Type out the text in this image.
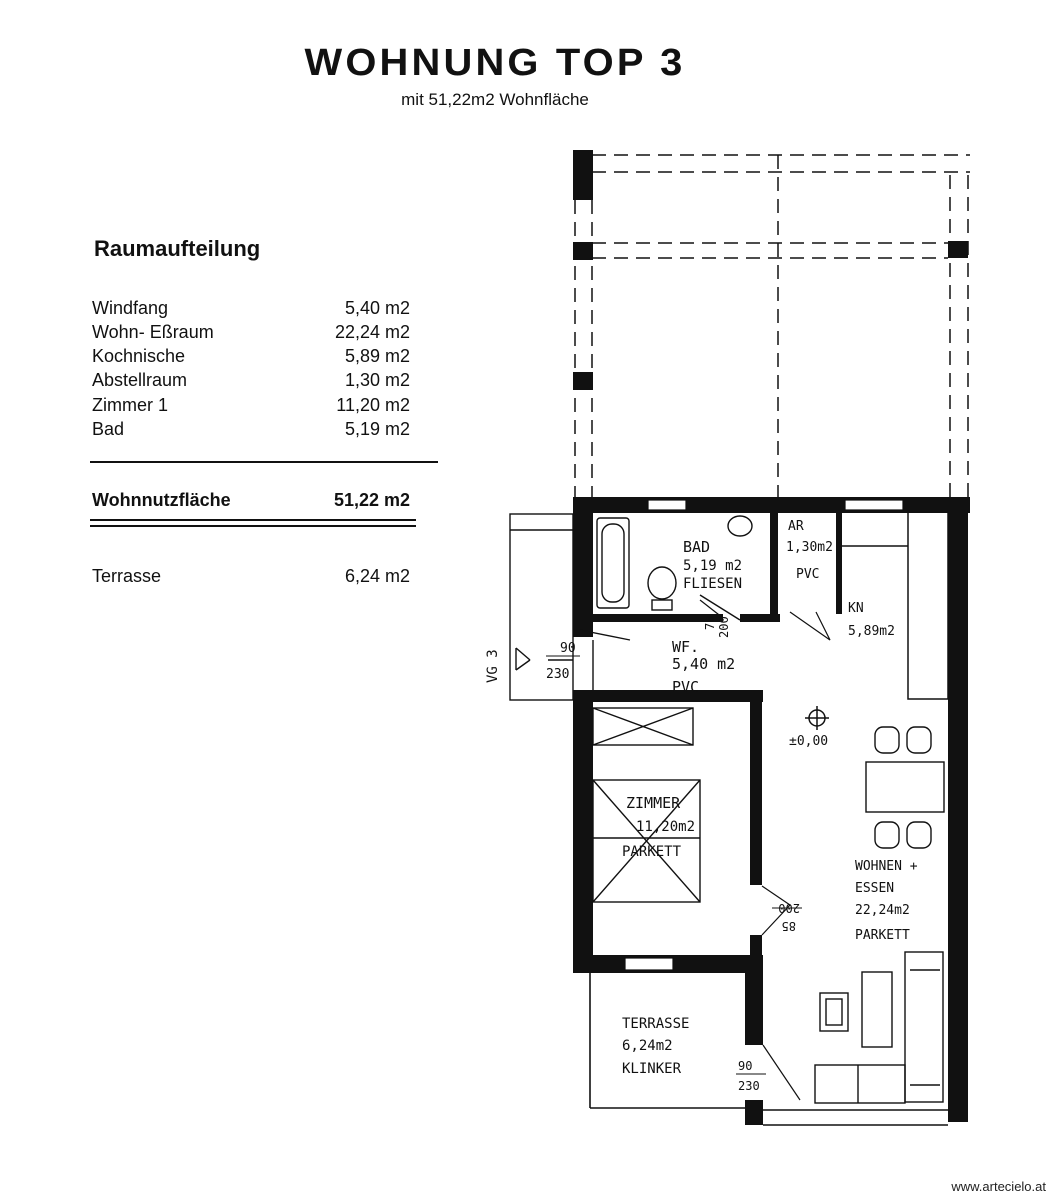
WOHNUNG TOP 3
mit 51,22m2 Wohnfläche
Raumaufteilung
Windfang	5,40 m2
Wohn- Eßraum	22,24 m2
Kochnische	5,89 m2
Abstellraum	1,30 m2
Zimmer 1	11,20 m2
Bad	5,19 m2
Wohnnutzfläche	51,22 m2
Terrasse	6,24 m2
BAD
5,19 m2
FLIESEN
AR
1,30m2
PVC
KN
5,89m2
WF.
5,40 m2
PVC
ZIMMER
11,20m2
PARKETT
WOHNEN +
ESSEN
22,24m2
PARKETT
TERRASSE
6,24m2
KLINKER
±0,00
VG 3
90
230
70 200
200
85
90
230
www.artecielo.at
